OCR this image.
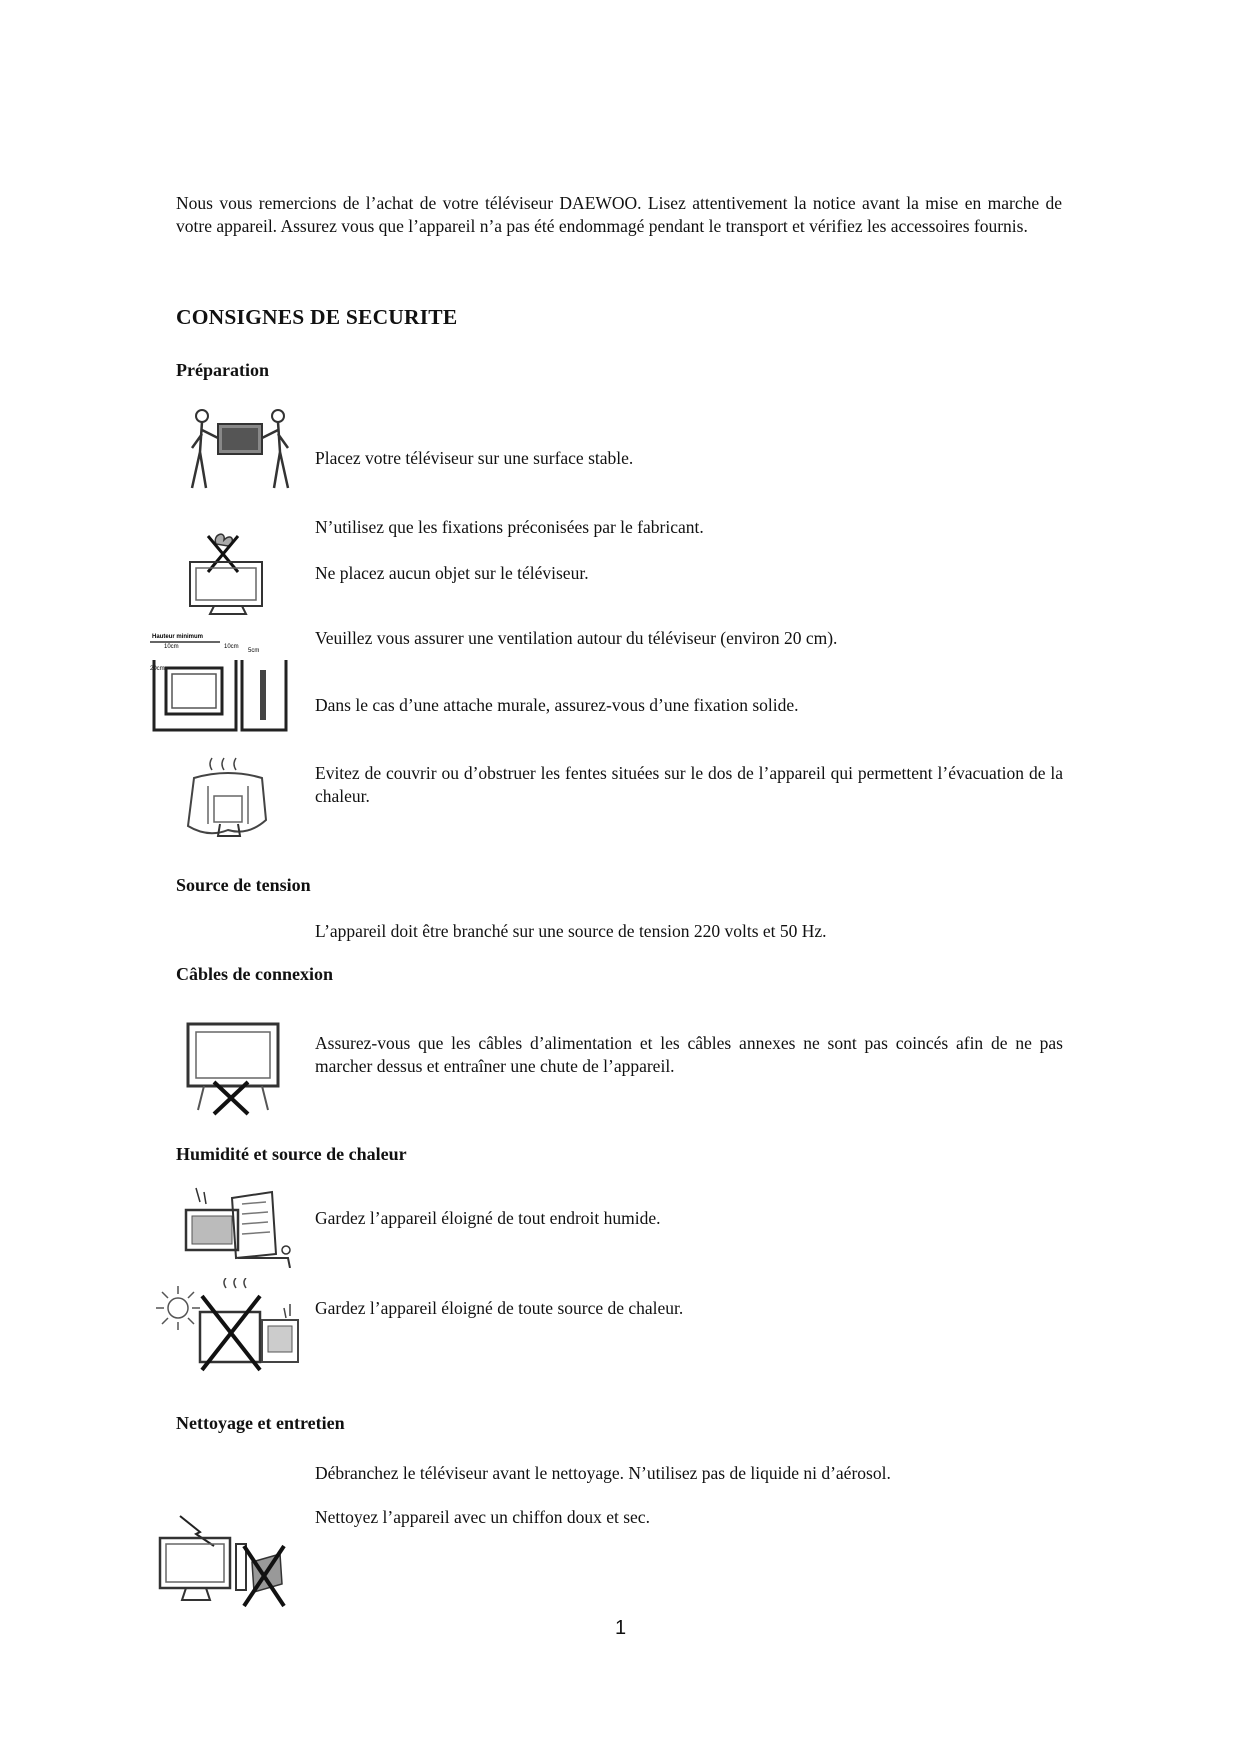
Nous vous remercions de l’achat de votre téléviseur DAEWOO. Lisez attentivement la notice avant la mise en marche de votre appareil. Assurez vous que l’appareil n’a pas été endommagé pendant le transport et vérifiez les accessoires fournis.
CONSIGNES DE SECURITE
Préparation
Placez votre téléviseur sur une surface stable.
N’utilisez que les fixations préconisées par le fabricant.
Ne placez aucun objet sur le téléviseur.
Hauteur minimum
10cm	10cm
5cm
20cm
Veuillez vous assurer une ventilation autour du téléviseur (environ 20 cm).
Dans le cas d’une attache murale, assurez-vous d’une fixation solide.
Evitez de couvrir ou d’obstruer les fentes situées sur le dos de l’appareil qui permettent l’évacuation de la chaleur.
Source de tension
L’appareil doit être branché sur une source de tension 220 volts et 50 Hz.
Câbles de connexion
Assurez-vous que les câbles d’alimentation et les câbles annexes ne sont pas coincés afin de ne pas marcher dessus et entraîner une chute de l’appareil.
Humidité et source de chaleur
Gardez l’appareil éloigné de tout endroit humide.
Gardez l’appareil éloigné de toute source de chaleur.
Nettoyage et entretien
Débranchez le téléviseur avant le nettoyage. N’utilisez pas de liquide ni d’aérosol.
Nettoyez l’appareil avec un chiffon doux et sec.
1
